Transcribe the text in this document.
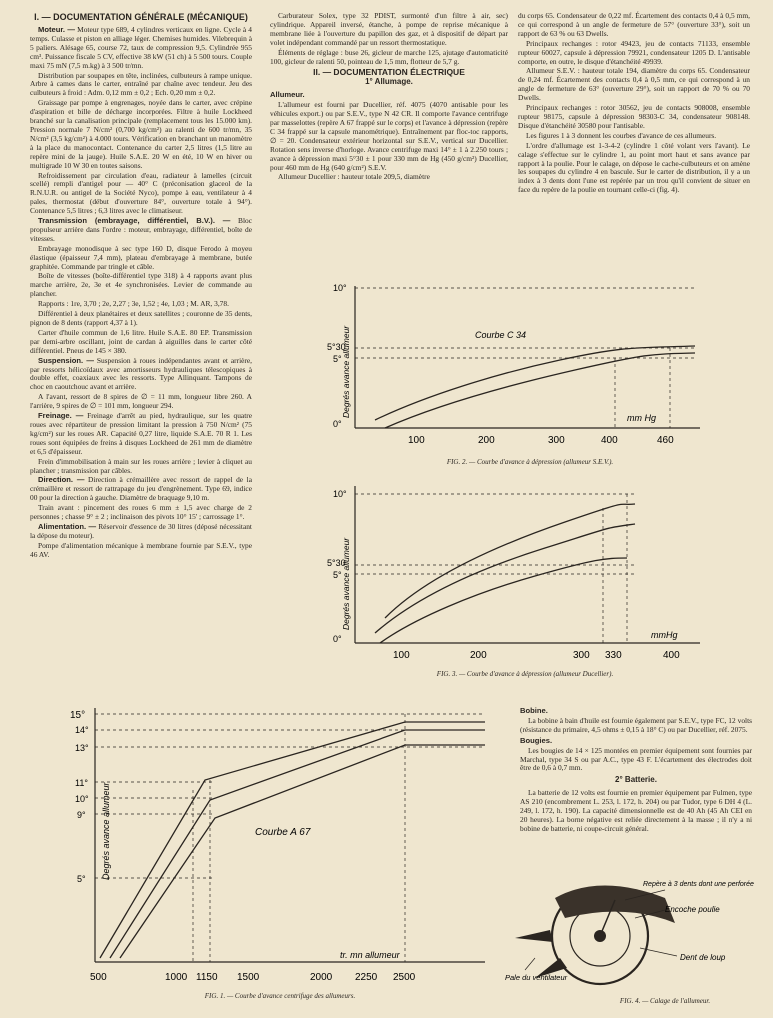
I. — DOCUMENTATION GÉNÉRALE (MÉCANIQUE)

Moteur. — Moteur type 689, 4 cylindres verticaux en ligne. Cycle à 4 temps. Culasse et piston en alliage léger. Chemises humides. Vilebrequin à 5 paliers. Alésage 65, course 72, taux de compression 9,5. Cylindrée 955 cm³. Puissance fiscale 5 CV, effective 38 kW (51 ch) à 5 500 tours. Couple maxi 75 mN (7,5 m.kg) à 3 500 tr/mn.

Distribution par soupapes en tête, inclinées, culbuteurs à rampe unique. Arbre à cames dans le carter, entraîné par chaîne avec tendeur. Jeu des culbuteurs à froid : Adm. 0,12 mm ± 0,2 ; Ech. 0,20 mm ± 0,2.

Graissage par pompe à engrenages, noyée dans le carter, avec crépine d'aspiration et bille de décharge incorporées. Filtre à huile Lockheed branché sur la canalisation principale (remplacement tous les 15.000 km). Pression normale 7 N/cm² (0,700 kg/cm²) au ralenti de 600 tr/mn, 35 N/cm² (3,5 kg/cm²) à 4.000 tours. Vérification en branchant un manomètre à la place du manocontact. Contenance du carter 2,5 litres (1,5 litre au repère mini de la jauge). Huile S.A.E. 20 W en été, 10 W en hiver ou multigrade 10 W 30 en toutes saisons.

Refroidissement par circulation d'eau, radiateur à lamelles (circuit scellé) rempli d'antigel pour — 40° C (préconisation glaceol de la R.N.U.R. ou antigel de la Société Nyco), pompe à eau, ventilateur à 4 pales, thermostat (début d'ouverture 84°, ouverture totale à 94°). Contenance 5,5 litres ; 6,3 litres avec le climatiseur.

Transmission (embrayage, différentiel, B.V.). — Bloc propulseur arrière dans l'ordre : moteur, embrayage, différentiel, boîte de vitesses.

Embrayage monodisque à sec type 160 D, disque Ferodo à moyeu élastique (épaisseur 7,4 mm), plateau d'embrayage à membrane, butée graphitée. Commande par tringle et câble.

Boîte de vitesses (boîte-différentiel type 318) à 4 rapports avant plus marche arrière, 2e, 3e et 4e synchronisées. Levier de commande au plancher.

Rapports : 1re, 3,70 ; 2e, 2,27 ; 3e, 1,52 ; 4e, 1,03 ; M. AR, 3,78.

Différentiel à deux planétaires et deux satellites ; couronne de 35 dents, pignon de 8 dents (rapport 4,37 à 1).

Carter d'huile commun de 1,6 litre. Huile S.A.E. 80 EP. Transmission par demi-arbre oscillant, joint de cardan à aiguilles dans le carter côté différentiel. Pneus de 145 × 380.

Suspension. — Suspension à roues indépendantes avant et arrière, par ressorts hélicoïdaux avec amortisseurs hydrauliques télescopiques à double effet, coaxiaux avec les ressorts. Type Allinquant. Tampons de choc en caoutchouc avant et arrière.

A l'avant, ressort de 8 spires de ∅ = 11 mm, longueur libre 260. A l'arrière, 9 spires de ∅ = 101 mm, longueur 294.

Freinage. — Freinage d'arrêt au pied, hydraulique, sur les quatre roues avec répartiteur de pression limitant la pression à 750 N/cm² (75 kg/cm²) sur les roues AR. Capacité 0,27 litre, liquide S.A.E. 70 R 1. Les roues sont équipées de freins à disques Lockheed de 261 mm de diamètre et 6,5 d'épaisseur.

Frein d'immobilisation à main sur les roues arrière ; levier à cliquet au plancher ; transmission par câbles.

Direction. — Direction à crémaillère avec ressort de rappel de la crémaillère et ressort de rattrapage du jeu d'engrènement. Type 69, indice 00 pour la direction à gauche. Diamètre de braquage 9,10 m.

Train avant : pincement des roues 6 mm ± 1,5 avec charge de 2 personnes ; chasse 9° ± 2 ; inclinaison des pivots 10° 15' ; carrossage 1°.

Alimentation. — Réservoir d'essence de 30 litres (déposé nécessitant la dépose du moteur).

Pompe d'alimentation mécanique à membrane fournie par S.E.V., type 46 AV.

Carburateur Solex, type 32 PDIST, surmonté d'un filtre à air, sec) cylindrique. Appareil inversé, étanche, à pompe de reprise mécanique à membrane liée à l'ouverture du papillon des gaz, et à dispositif de départ par volet indépendant commandé par un ressort thermostatique.

Éléments de réglage : buse 26, gicleur de marche 125, ajutage d'automaticité 100, gicleur de ralenti 50, pointeau de 1,5 mm, flotteur de 5,7 g.

II. — DOCUMENTATION ÉLECTRIQUE
1° Allumage.
Allumeur.

L'allumeur est fourni par Ducellier, réf. 4075 (4070 antisable pour les véhicules export.) ou par S.E.V., type N 42 CR. Il comporte l'avance centrifuge par masselottes (repère A 67 frappé sur le corps) et l'avance à dépression (repère C 34 frappé sur la capsule manométrique). Entraînement par floc-toc rapports, ∅ = 20. Condensateur extérieur horizontal sur S.E.V., vertical sur Ducellier. Rotation sens inverse d'horloge. Avance centrifuge maxi 14° ± 1 à 2.250 tours ; avance à dépression maxi 5°30 ± 1 pour 330 mm de Hg (450 g/cm²) Ducellier, pour 460 mm de Hg (640 g/cm²) S.E.V.

Allumeur Ducellier : hauteur totale 209,5, diamètre

du corps 65. Condensateur de 0,22 mf. Écartement des contacts 0,4 à 0,5 mm, ce qui correspond à un angle de fermeture de 57° (ouverture 33°), soit un rapport de 63 % ou 63 Dwells.

Principaux rechanges : rotor 49423, jeu de contacts 71133, ensemble rupteur 60027, capsule à dépression 79921, condensateur 1205 D. L'antisable comporte, en outre, le disque d'étanchéité 49939.

Allumeur S.E.V. : hauteur totale 194, diamètre du corps 65. Condensateur de 0,24 mf. Écartement des contacts 0,4 à 0,5 mm, ce qui correspond à un angle de fermeture de 63° (ouverture 29°), soit un rapport de 70 % ou 70 Dwells.

Principaux rechanges : rotor 30562, jeu de contacts 908008, ensemble rupteur 98175, capsule à dépression 98303-C 34, condensateur 908148. Disque d'étanchéité 30580 pour l'antisable.

Les figures 1 à 3 donnent les courbes d'avance de ces allumeurs.

L'ordre d'allumage est 1-3-4-2 (cylindre 1 côté volant vers l'avant). Le calage s'effectue sur le cylindre 1, au point mort haut et sans avance par rapport à la poulie. Pour le calage, on dépose le cache-culbuteurs et on amène les soupapes du cylindre 4 en bascule. Sur le carter de distribution, il y a un index à 3 dents dont l'une est repérée par un trou qu'il convient de situer en face du repère de la poulie en tournant celle-ci (fig. 4).

10°
5°30
5°
0°
100	200	300	400	460
mm Hg
Courbe C 34
Degrés avance allumeur
FIG. 2. — Courbe d'avance à dépression (allumeur S.E.V.).
10°
5°30
5°
0°
100	200	300 330	400
mmHg
Degrés avance allumeur
FIG. 3. — Courbe d'avance à dépression (allumeur Ducellier).
15°
14°
13°
11°
10°
9°
5°
500	1000 1150 1500	2000 2250 2500
tr. mn allumeur
Courbe A 67
Degrés avance allumeur
FIG. 1. — Courbe d'avance centrifuge des allumeurs.
Bobine.

La bobine à bain d'huile est fournie également par S.E.V., type FC, 12 volts (résistance du primaire, 4,5 ohms ± 0,15 à 18° C) ou par Ducellier, réf. 2075.

Bougies.

Les bougies de 14 × 125 montées en premier équipement sont fournies par Marchal, type 34 S ou par A.C., type 43 F. L'écartement des électrodes doit être de 0,6 à 0,7 mm.

2° Batterie.

La batterie de 12 volts est fournie en premier équipement par Fulmen, type AS 210 (encombrement L. 253, l. 172, h. 204) ou par Tudor, type 6 DH 4 (L. 249, l. 172, h. 190). La capacité dimensionnelle est de 40 Ah (45 Ah CEI en 20 heures). La borne négative est reliée directement à la masse ; il n'y a ni bobine de batterie, ni coupe-circuit général.

Repère à 3 dents dont une perforée
Encoche poulie
Dent de loup
Pale du ventilateur
FIG. 4. — Calage de l'allumeur.
